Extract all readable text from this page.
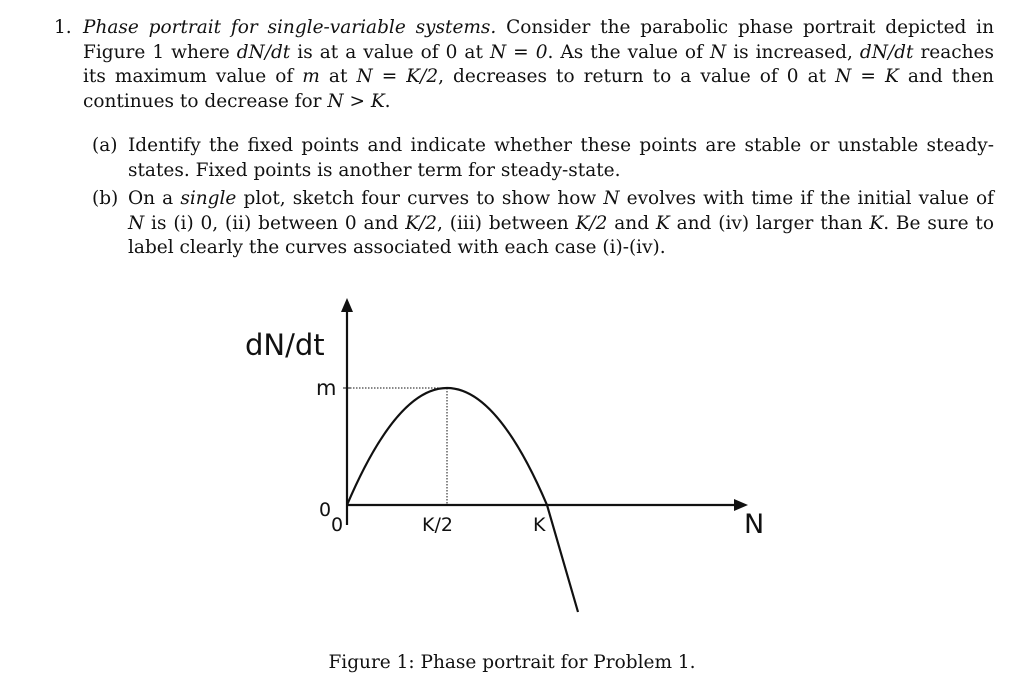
1. Phase portrait for single-variable systems. Consider the parabolic phase portrait depicted in Figure 1 where dN/dt is at a value of 0 at N = 0. As the value of N is increased, dN/dt reaches its maximum value of m at N = K/2, decreases to return to a value of 0 at N = K and then continues to decrease for N > K.
(a) Identify the fixed points and indicate whether these points are stable or unstable steady-states. Fixed points is another term for steady-state.
(b) On a single plot, sketch four curves to show how N evolves with time if the initial value of N is (i) 0, (ii) between 0 and K/2, (iii) between K/2 and K and (iv) larger than K. Be sure to label clearly the curves associated with each case (i)-(iv).
dN/dt
m
0
0	K/2	K	N
Figure 1: Phase portrait for Problem 1.
